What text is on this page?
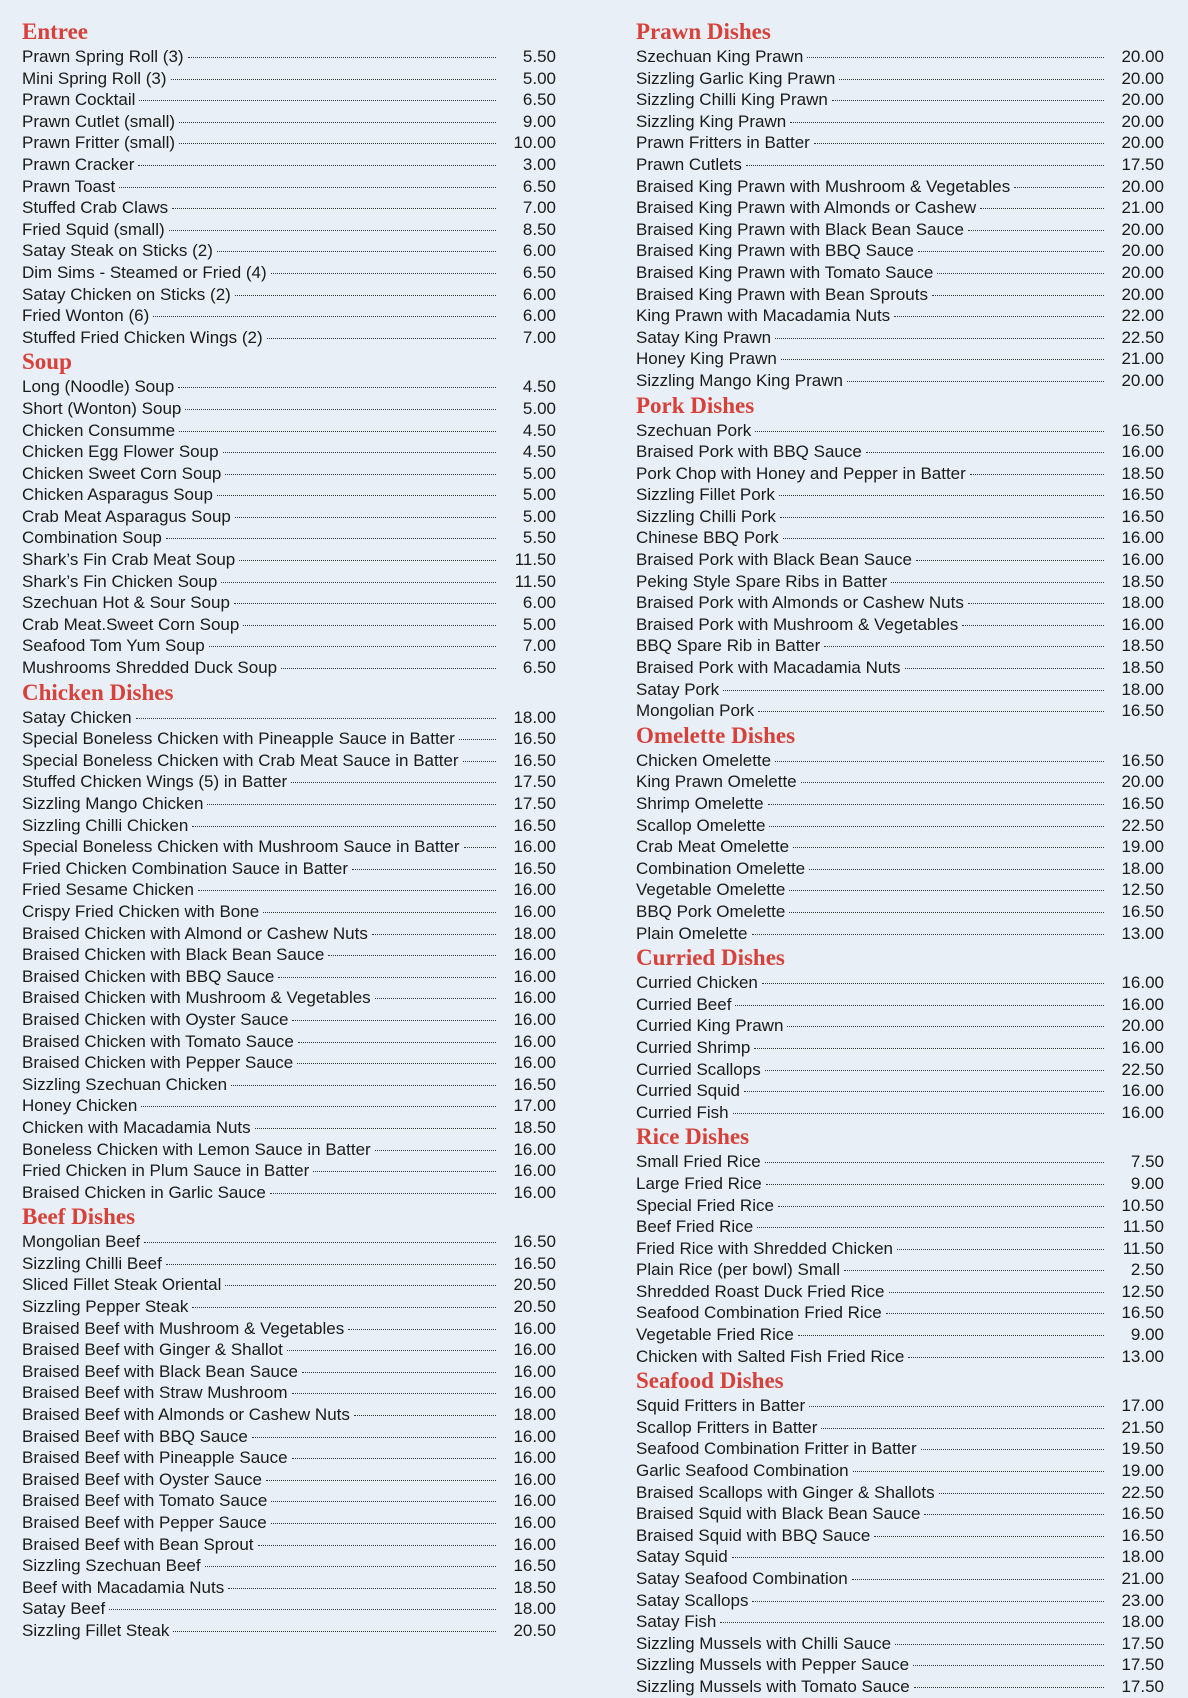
Entree
Prawn Spring Roll (3)	5.50
Mini Spring Roll (3)	5.00
Prawn Cocktail	6.50
Prawn Cutlet (small)	9.00
Prawn Fritter (small)	10.00
Prawn Cracker	3.00
Prawn Toast	6.50
Stuffed Crab Claws	7.00
Fried Squid (small)	8.50
Satay Steak on Sticks (2)	6.00
Dim Sims - Steamed or Fried (4)	6.50
Satay Chicken on Sticks (2)	6.00
Fried Wonton (6)	6.00
Stuffed Fried Chicken Wings (2)	7.00
Soup
Long (Noodle) Soup	4.50
Short (Wonton) Soup	5.00
Chicken Consumme	4.50
Chicken Egg Flower Soup	4.50
Chicken Sweet Corn Soup	5.00
Chicken Asparagus Soup	5.00
Crab Meat Asparagus Soup	5.00
Combination Soup	5.50
Shark’s Fin Crab Meat Soup	11.50
Shark’s Fin Chicken Soup	11.50
Szechuan Hot & Sour Soup	6.00
Crab Meat.Sweet Corn Soup	5.00
Seafood Tom Yum Soup	7.00
Mushrooms Shredded Duck Soup	6.50
Chicken Dishes
Satay Chicken	18.00
Special Boneless Chicken with Pineapple Sauce in Batter	16.50
Special Boneless Chicken with Crab Meat Sauce in Batter	16.50
Stuffed Chicken Wings (5) in Batter	17.50
Sizzling Mango Chicken	17.50
Sizzling Chilli Chicken	16.50
Special Boneless Chicken with Mushroom Sauce in Batter	16.00
Fried Chicken Combination Sauce in Batter	16.50
Fried Sesame Chicken	16.00
Crispy Fried Chicken with Bone	16.00
Braised Chicken with Almond or Cashew Nuts	18.00
Braised Chicken with Black Bean Sauce	16.00
Braised Chicken with BBQ Sauce	16.00
Braised Chicken with Mushroom & Vegetables	16.00
Braised Chicken with Oyster Sauce	16.00
Braised Chicken with Tomato Sauce	16.00
Braised Chicken with Pepper Sauce	16.00
Sizzling Szechuan Chicken	16.50
Honey Chicken	17.00
Chicken with Macadamia Nuts	18.50
Boneless Chicken with Lemon Sauce in Batter	16.00
Fried Chicken in Plum Sauce in Batter	16.00
Braised Chicken in Garlic Sauce	16.00
Beef Dishes
Mongolian Beef	16.50
Sizzling Chilli Beef	16.50
Sliced Fillet Steak Oriental	20.50
Sizzling Pepper Steak	20.50
Braised Beef with Mushroom & Vegetables	16.00
Braised Beef with Ginger & Shallot	16.00
Braised Beef with Black Bean Sauce	16.00
Braised Beef with Straw Mushroom	16.00
Braised Beef with Almonds or Cashew Nuts	18.00
Braised Beef with BBQ Sauce	16.00
Braised Beef with Pineapple Sauce	16.00
Braised Beef with Oyster Sauce	16.00
Braised Beef with Tomato Sauce	16.00
Braised Beef with Pepper Sauce	16.00
Braised Beef with Bean Sprout	16.00
Sizzling Szechuan Beef	16.50
Beef with Macadamia Nuts	18.50
Satay Beef	18.00
Sizzling Fillet Steak	20.50
Prawn Dishes
Szechuan King Prawn	20.00
Sizzling Garlic King Prawn	20.00
Sizzling Chilli King Prawn	20.00
Sizzling King Prawn	20.00
Prawn Fritters in Batter	20.00
Prawn Cutlets	17.50
Braised King Prawn with Mushroom & Vegetables	20.00
Braised King Prawn with Almonds or Cashew	21.00
Braised King Prawn with Black Bean Sauce	20.00
Braised King Prawn with BBQ Sauce	20.00
Braised King Prawn with Tomato Sauce	20.00
Braised King Prawn with Bean Sprouts	20.00
King Prawn with Macadamia Nuts	22.00
Satay King Prawn	22.50
Honey King Prawn	21.00
Sizzling Mango King Prawn	20.00
Pork Dishes
Szechuan Pork	16.50
Braised Pork with BBQ Sauce	16.00
Pork Chop with Honey and Pepper in Batter	18.50
Sizzling Fillet Pork	16.50
Sizzling Chilli Pork	16.50
Chinese BBQ Pork	16.00
Braised Pork with Black Bean Sauce	16.00
Peking Style Spare Ribs in Batter	18.50
Braised Pork with Almonds or Cashew Nuts	18.00
Braised Pork with Mushroom & Vegetables	16.00
BBQ Spare Rib in Batter	18.50
Braised Pork with Macadamia Nuts	18.50
Satay Pork	18.00
Mongolian Pork	16.50
Omelette Dishes
Chicken Omelette	16.50
King Prawn Omelette	20.00
Shrimp Omelette	16.50
Scallop Omelette	22.50
Crab Meat Omelette	19.00
Combination Omelette	18.00
Vegetable Omelette	12.50
BBQ Pork Omelette	16.50
Plain Omelette	13.00
Curried Dishes
Curried Chicken	16.00
Curried Beef	16.00
Curried King Prawn	20.00
Curried Shrimp	16.00
Curried Scallops	22.50
Curried Squid	16.00
Curried Fish	16.00
Rice Dishes
Small Fried Rice	7.50
Large Fried Rice	9.00
Special Fried Rice	10.50
Beef Fried Rice	11.50
Fried Rice with Shredded Chicken	11.50
Plain Rice (per bowl) Small	2.50
Shredded Roast Duck Fried Rice	12.50
Seafood Combination Fried Rice	16.50
Vegetable Fried Rice	9.00
Chicken with Salted Fish Fried Rice	13.00
Seafood Dishes
Squid Fritters in Batter	17.00
Scallop Fritters in Batter	21.50
Seafood Combination Fritter in Batter	19.50
Garlic Seafood Combination	19.00
Braised Scallops with Ginger & Shallots	22.50
Braised Squid with Black Bean Sauce	16.50
Braised Squid with BBQ Sauce	16.50
Satay Squid	18.00
Satay Seafood Combination	21.00
Satay Scallops	23.00
Satay Fish	18.00
Sizzling Mussels with Chilli Sauce	17.50
Sizzling Mussels with Pepper Sauce	17.50
Sizzling Mussels with Tomato Sauce	17.50
